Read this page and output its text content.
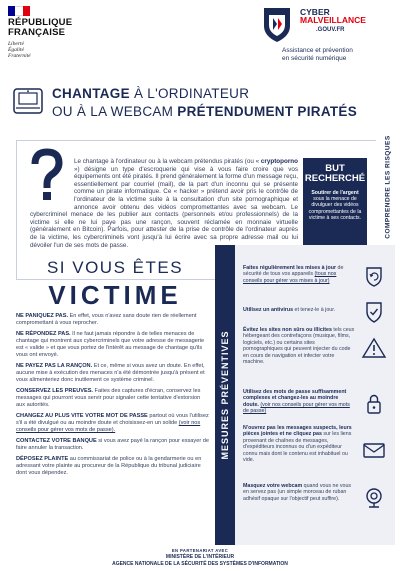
RÉPUBLIQUE
FRANÇAISE
Liberté
Égalité
Fraternité
CYBER
MALVEILLANCE
.GOUV.FR
Assistance et prévention
en sécurité numérique
CHANTAGE À L'ORDINATEUR
OU À LA WEBCAM PRÉTENDUMENT PIRATÉS
COMPRENDRE LES RISQUES
Le chantage à l'ordinateur ou à la webcam prétendus piratés (ou « cryptoporno ») désigne un type d'escroquerie qui vise à vous faire croire que vos équipements ont été piratés. Il prend généralement la forme d'un message reçu, essentiellement par courriel (mail), de la part d'un inconnu qui se présente comme un pirate informatique. Ce « hacker » prétend avoir pris le contrôle de l'ordinateur de la victime suite à la consultation d'un site pornographique et annonce avoir obtenu des vidéos compromettantes avec sa webcam. Le cybercriminel menace de les publier aux contacts (personnels et/ou professionnels) de la victime si elle ne lui paye pas une rançon, souvent réclamée en monnaie virtuelle (généralement en Bitcoin). Parfois, pour attester de la prise de contrôle de l'ordinateur auprès de la victime, les cybercriminels vont jusqu'à lui écrire avec sa propre adresse mail ou lui dévoiler l'un de ses mots de passe.
BUT
RECHERCHÉ
Soutirer de l'argent sous la menace de divulguer des vidéos compromettantes de la victime à ses contacts.
SI VOUS ÊTES
VICTIME

NE PANIQUEZ PAS. En effet, vous n'avez sans doute rien de réellement compromettant à vous reprocher.

NE RÉPONDEZ PAS. Il ne faut jamais répondre à de telles menaces de chantage qui montrent aux cybercriminels que votre adresse de messagerie est « valide » et que vous portez de l'intérêt au message de chantage qu'ils vous ont envoyé.

NE PAYEZ PAS LA RANÇON. Et ce, même si vous avez un doute. En effet, aucune mise à exécution des menaces n'a été démontrée jusqu'à présent et vous alimenteriez donc inutilement ce système criminel.

CONSERVEZ LES PREUVES. Faites des captures d'écran, conservez les messages qui pourront vous servir pour signaler cette tentative d'extorsion aux autorités.

CHANGEZ AU PLUS VITE VOTRE MOT DE PASSE partout où vous l'utilisez s'il a été divulgué ou au moindre doute et choisissez-en un solide (voir nos conseils pour gérer vos mots de passe).

CONTACTEZ VOTRE BANQUE si vous avez payé la rançon pour essayer de faire annuler la transaction.

DÉPOSEZ PLAINTE au commissariat de police ou à la gendarmerie ou en adressant votre plainte au procureur de la République du tribunal judiciaire dont vous dépendez.

MESURES PRÉVENTIVES
Faites régulièrement les mises à jour de sécurité de tous vos appareils (tous nos conseils pour gérer vos mises à jour)
Utilisez un antivirus et tenez-le à jour.
Évitez les sites non sûrs ou illicites tels ceux hébergeant des contrefaçons (musique, films, logiciels, etc.) ou certains sites pornographiques qui peuvent injecter du code en cours de navigation et infecter votre machine.
Utilisez des mots de passe suffisamment complexes et changez-les au moindre doute. (voir nos conseils pour gérer vos mots de passe)
N'ouvrez pas les messages suspects, leurs pièces jointes et ne cliquez pas sur les liens provenant de chaînes de messages, d'expéditeurs inconnus ou d'un expéditeur connu mais dont le contenu est inhabituel ou vide.
Masquez votre webcam quand vous ne vous en servez pas (un simple morceau de ruban adhésif opaque sur l'objectif peut suffire).
EN PARTENARIAT AVEC
MINISTÈRE DE L'INTÉRIEUR
AGENCE NATIONALE DE LA SÉCURITÉ DES SYSTÈMES D'INFORMATION
